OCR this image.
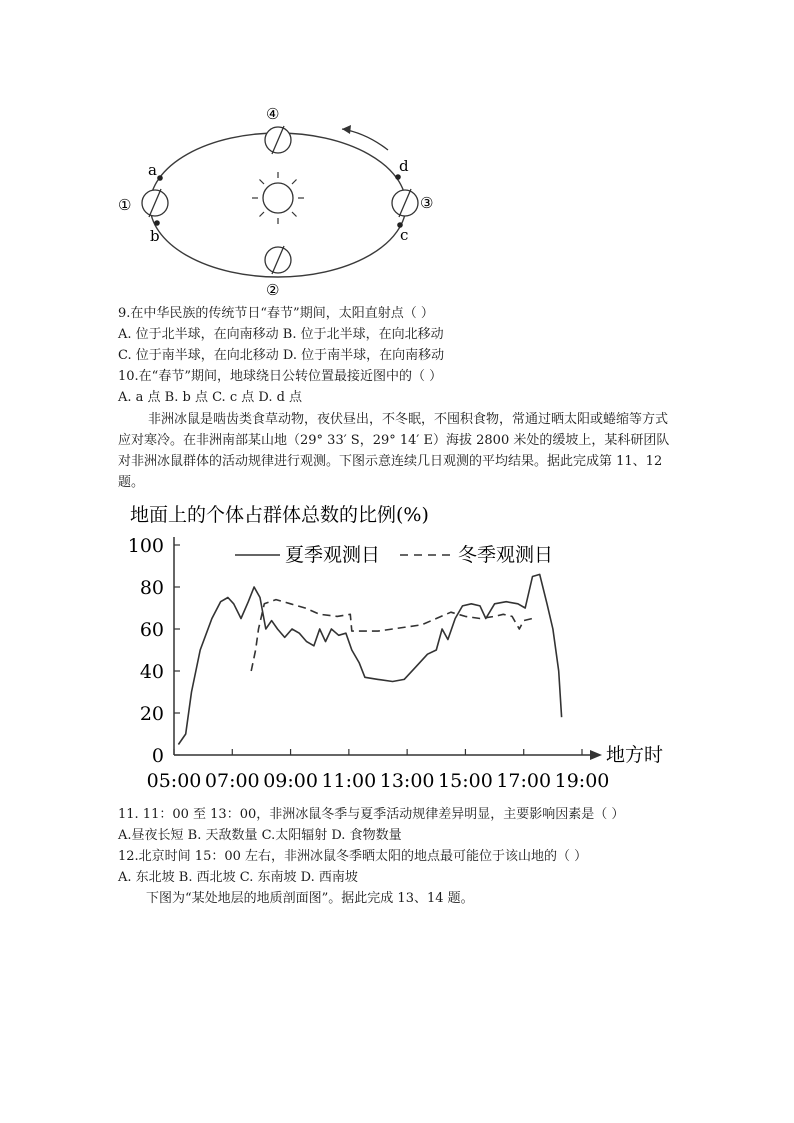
④
②
①	③
a
b	c
d
9.在中华民族的传统节日“春节”期间，太阳直射点（ ）
A. 位于北半球，在向南移动 B. 位于北半球，在向北移动
C. 位于南半球，在向北移动 D. 位于南半球，在向南移动
10.在“春节”期间，地球绕日公转位置最接近图中的（ ）
A. a 点 B. b 点 C. c 点 D. d 点
非洲冰鼠是啮齿类食草动物，夜伏昼出，不冬眠，不囤积食物，常通过晒太阳或蜷缩等方式应对寒冷。在非洲南部某山地（29° 33′ S，29° 14′ E）海拔 2800 米处的缓坡上，某科研团队对非洲冰鼠群体的活动规律进行观测。下图示意连续几日观测的平均结果。据此完成第 11、12题。
地面上的个体占群体总数的比例(%)
夏季观测日	冬季观测日
0
20
40
60
80
100
05:00 07:00 09:00 11:00 13:00 15:00 17:00 19:00
地方时
11. 11：00 至 13：00，非洲冰鼠冬季与夏季活动规律差异明显，主要影响因素是（ ）
A.昼夜长短 B. 天敌数量 C.太阳辐射 D. 食物数量
12.北京时间 15：00 左右，非洲冰鼠冬季晒太阳的地点最可能位于该山地的（ ）
A. 东北坡 B. 西北坡 C. 东南坡 D. 西南坡
下图为“某处地层的地质剖面图”。据此完成 13、14 题。
